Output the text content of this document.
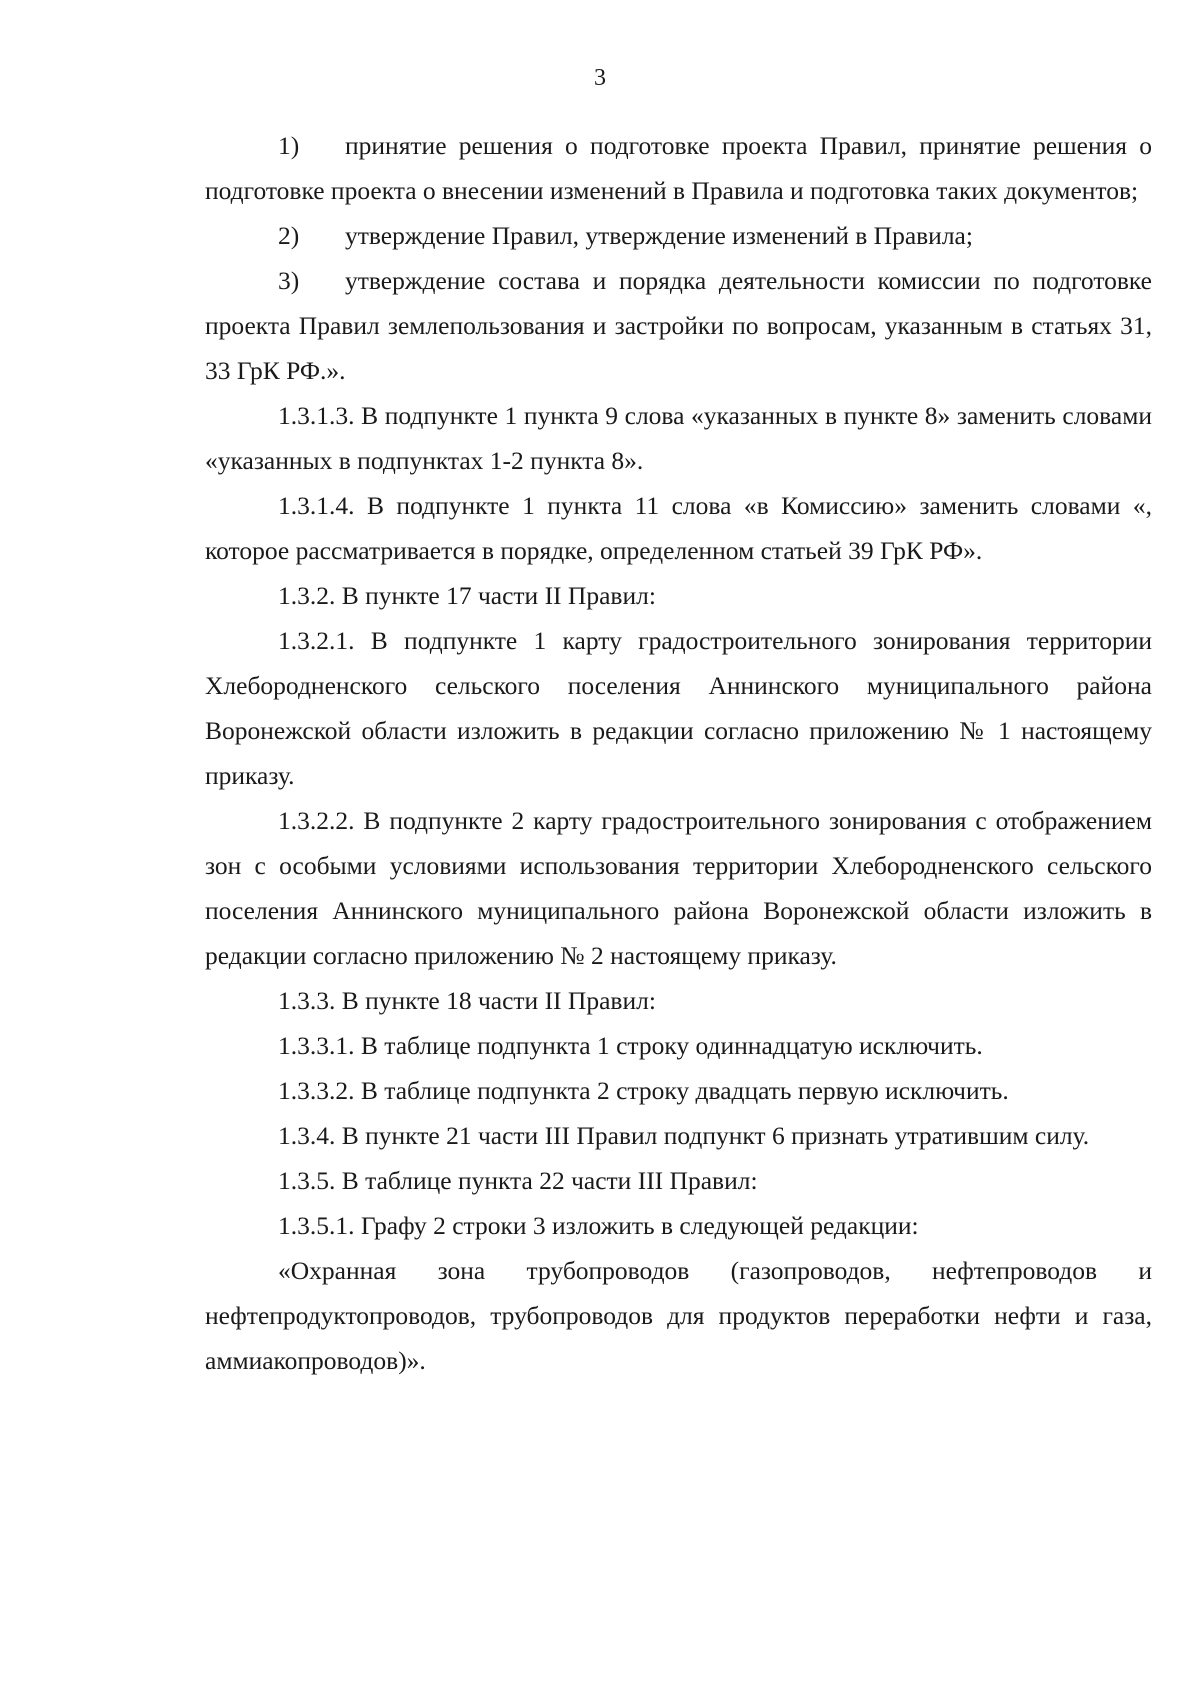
3

1) принятие решения о подготовке проекта Правил, принятие решения о подготовке проекта о внесении изменений в Правила и подготовка таких документов;

2) утверждение Правил, утверждение изменений в Правила;

3) утверждение состава и порядка деятельности комиссии по подготовке проекта Правил землепользования и застройки по вопросам, указанным в статьях 31, 33 ГрК РФ.».

1.3.1.3. В подпункте 1 пункта 9 слова «указанных в пункте 8» заменить словами «указанных в подпунктах 1-2 пункта 8».

1.3.1.4. В подпункте 1 пункта 11 слова «в Комиссию» заменить словами «, которое рассматривается в порядке, определенном статьей 39 ГрК РФ».

1.3.2. В пункте 17 части II Правил:

1.3.2.1. В подпункте 1 карту градостроительного зонирования территории Хлебородненского сельского поселения Аннинского муниципального района Воронежской области изложить в редакции согласно приложению № 1 настоящему приказу.

1.3.2.2. В подпункте 2 карту градостроительного зонирования с отображением зон с особыми условиями использования территории Хлебородненского сельского поселения Аннинского муниципального района Воронежской области изложить в редакции согласно приложению № 2 настоящему приказу.

1.3.3. В пункте 18 части II Правил:

1.3.3.1. В таблице подпункта 1 строку одиннадцатую исключить.

1.3.3.2. В таблице подпункта 2 строку двадцать первую исключить.

1.3.4. В пункте 21 части III Правил подпункт 6 признать утратившим силу.

1.3.5. В таблице пункта 22 части III Правил:

1.3.5.1. Графу 2 строки 3 изложить в следующей редакции:

«Охранная зона трубопроводов (газопроводов, нефтепроводов и нефтепродуктопроводов, трубопроводов для продуктов переработки нефти и газа, аммиакопроводов)».
